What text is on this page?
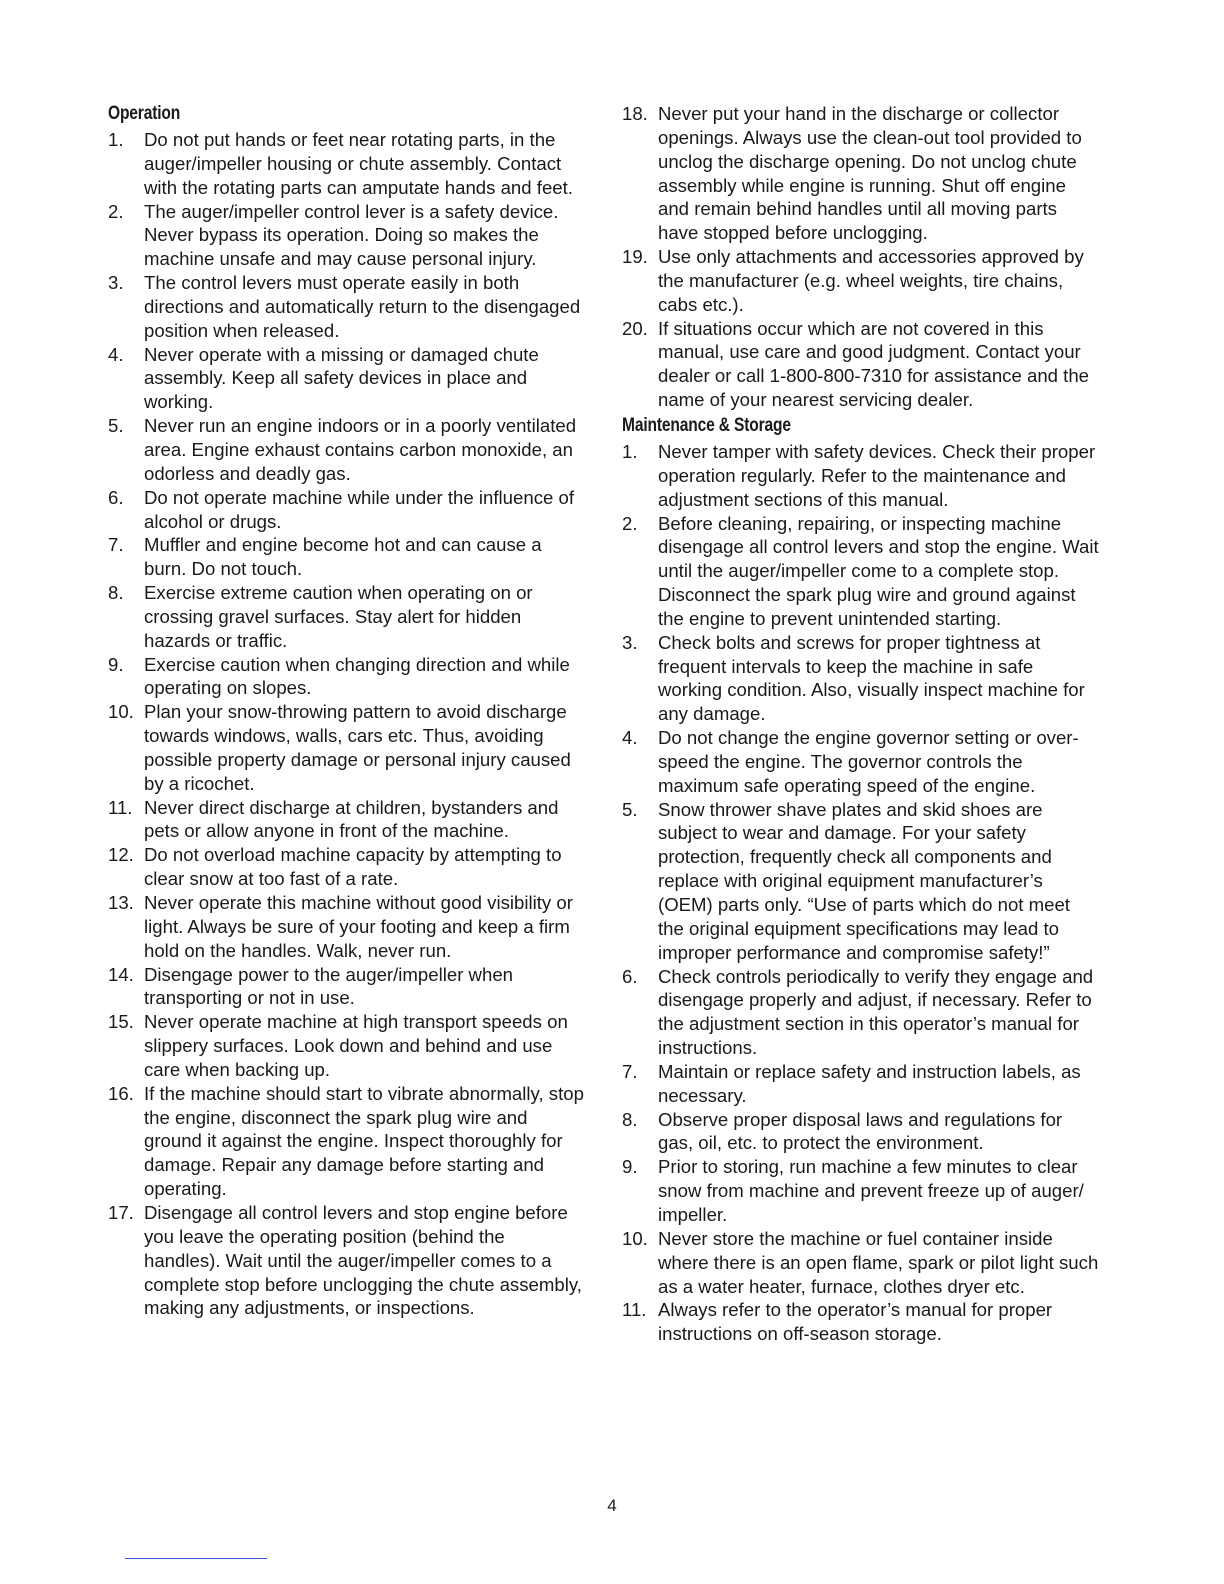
Operation
1.	Do not put hands or feet near rotating parts, in the auger/impeller housing or chute assembly. Contact with the rotating parts can amputate hands and feet.
2.	The auger/impeller control lever is a safety device. Never bypass its operation. Doing so makes the machine unsafe and may cause personal injury.
3.	The control levers must operate easily in both directions and automatically return to the disengaged position when released.
4.	Never operate with a missing or damaged chute assembly. Keep all safety devices in place and working.
5.	Never run an engine indoors or in a poorly ventilated area. Engine exhaust contains carbon monoxide, an odorless and deadly gas.
6.	Do not operate machine while under the influence of alcohol or drugs.
7.	Muffler and engine become hot and can cause a burn. Do not touch.
8.	Exercise extreme caution when operating on or crossing gravel surfaces. Stay alert for hidden hazards or traffic.
9.	Exercise caution when changing direction and while operating on slopes.
10. Plan your snow-throwing pattern to avoid discharge towards windows, walls, cars etc. Thus, avoiding possible property damage or personal injury caused by a ricochet.
11. Never direct discharge at children, bystanders and pets or allow anyone in front of the machine.
12. Do not overload machine capacity by attempting to clear snow at too fast of a rate.
13. Never operate this machine without good visibility or light. Always be sure of your footing and keep a firm hold on the handles. Walk, never run.
14. Disengage power to the auger/impeller when transporting or not in use.
15. Never operate machine at high transport speeds on slippery surfaces. Look down and behind and use care when backing up.
16. If the machine should start to vibrate abnormally, stop the engine, disconnect the spark plug wire and ground it against the engine. Inspect thoroughly for damage. Repair any damage before starting and operating.
17. Disengage all control levers and stop engine before you leave the operating position (behind the handles). Wait until the auger/impeller comes to a complete stop before unclogging the chute assembly, making any adjustments, or inspections.
18. Never put your hand in the discharge or collector openings. Always use the clean-out tool provided to unclog the discharge opening. Do not unclog chute assembly while engine is running. Shut off engine and remain behind handles until all moving parts have stopped before unclogging.
19. Use only attachments and accessories approved by the manufacturer (e.g. wheel weights, tire chains, cabs etc.).
20. If situations occur which are not covered in this manual, use care and good judgment. Contact your dealer or call 1-800-800-7310 for assistance and the name of your nearest servicing dealer.
Maintenance & Storage
1.	Never tamper with safety devices. Check their proper operation regularly. Refer to the maintenance and adjustment sections of this manual.
2.	Before cleaning, repairing, or inspecting machine disengage all control levers and stop the engine. Wait until the auger/impeller come to a complete stop. Disconnect the spark plug wire and ground against the engine to prevent unintended starting.
3.	Check bolts and screws for proper tightness at frequent intervals to keep the machine in safe working condition. Also, visually inspect machine for any damage.
4.	Do not change the engine governor setting or over-speed the engine. The governor controls the maximum safe operating speed of the engine.
5.	Snow thrower shave plates and skid shoes are subject to wear and damage. For your safety protection, frequently check all components and replace with original equipment manufacturer’s (OEM) parts only. “Use of parts which do not meet the original equipment specifications may lead to improper performance and compromise safety!”
6.	Check controls periodically to verify they engage and disengage properly and adjust, if necessary. Refer to the adjustment section in this operator’s manual for instructions.
7.	Maintain or replace safety and instruction labels, as necessary.
8.	Observe proper disposal laws and regulations for gas, oil, etc. to protect the environment.
9.	Prior to storing, run machine a few minutes to clear snow from machine and prevent freeze up of auger/ impeller.
10. Never store the machine or fuel container inside where there is an open flame, spark or pilot light such as a water heater, furnace, clothes dryer etc.
11. Always refer to the operator’s manual for proper instructions on off-season storage.
4
